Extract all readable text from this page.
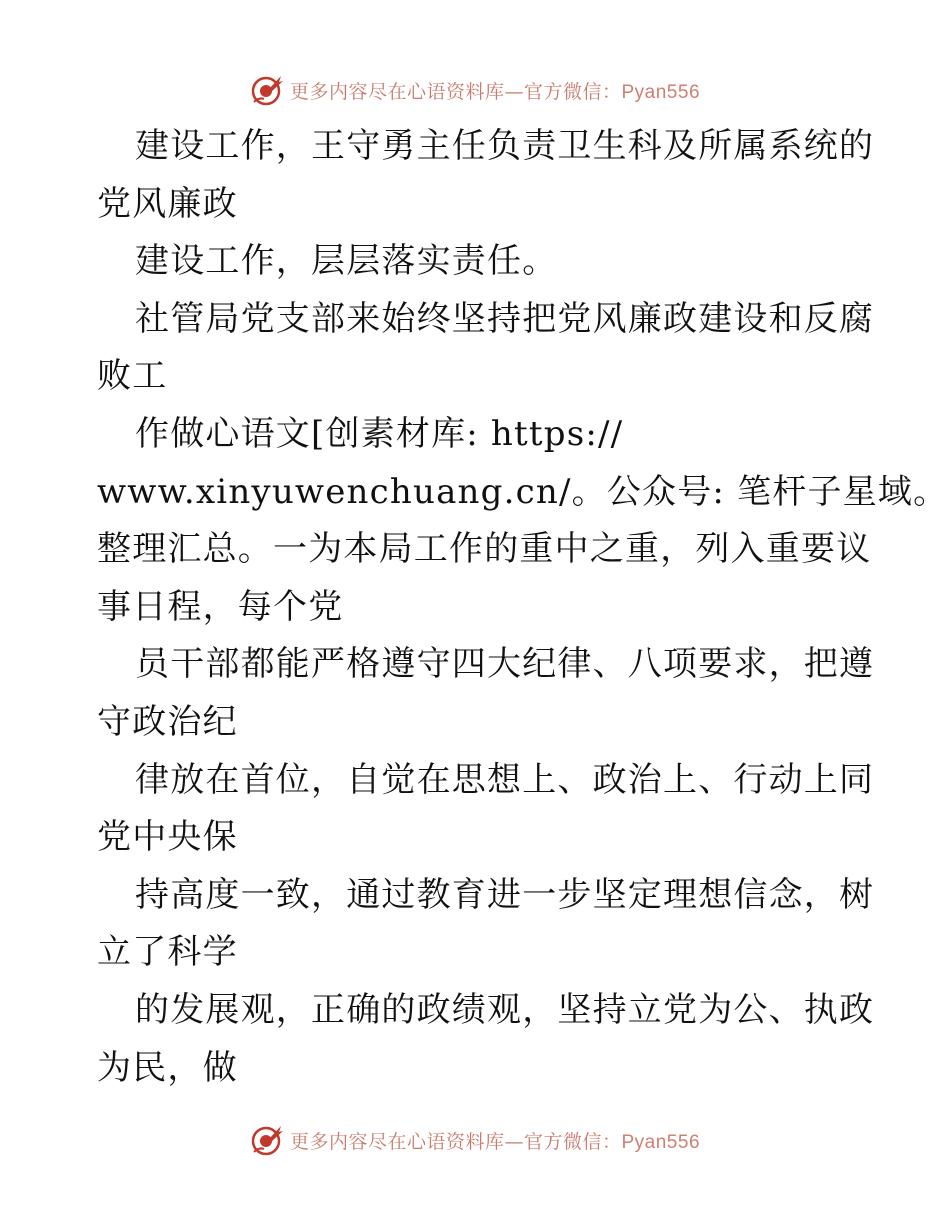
更多内容尽在心语资料库—官方微信：Pyan556
建设工作，王守勇主任负责卫生科及所属系统的
党风廉政
建设工作，层层落实责任。
社管局党支部来始终坚持把党风廉政建设和反腐
败工
作做心语文[创素材库: https://
www.xinyuwenchuang.cn/。公众号: 笔杆子星域。
整理汇总。一为本局工作的重中之重，列入重要议
事日程，每个党
员干部都能严格遵守四大纪律、八项要求，把遵
守政治纪
律放在首位，自觉在思想上、政治上、行动上同
党中央保
持高度一致，通过教育进一步坚定理想信念，树
立了科学
的发展观，正确的政绩观，坚持立党为公、执政
为民，做
更多内容尽在心语资料库—官方微信：Pyan556
